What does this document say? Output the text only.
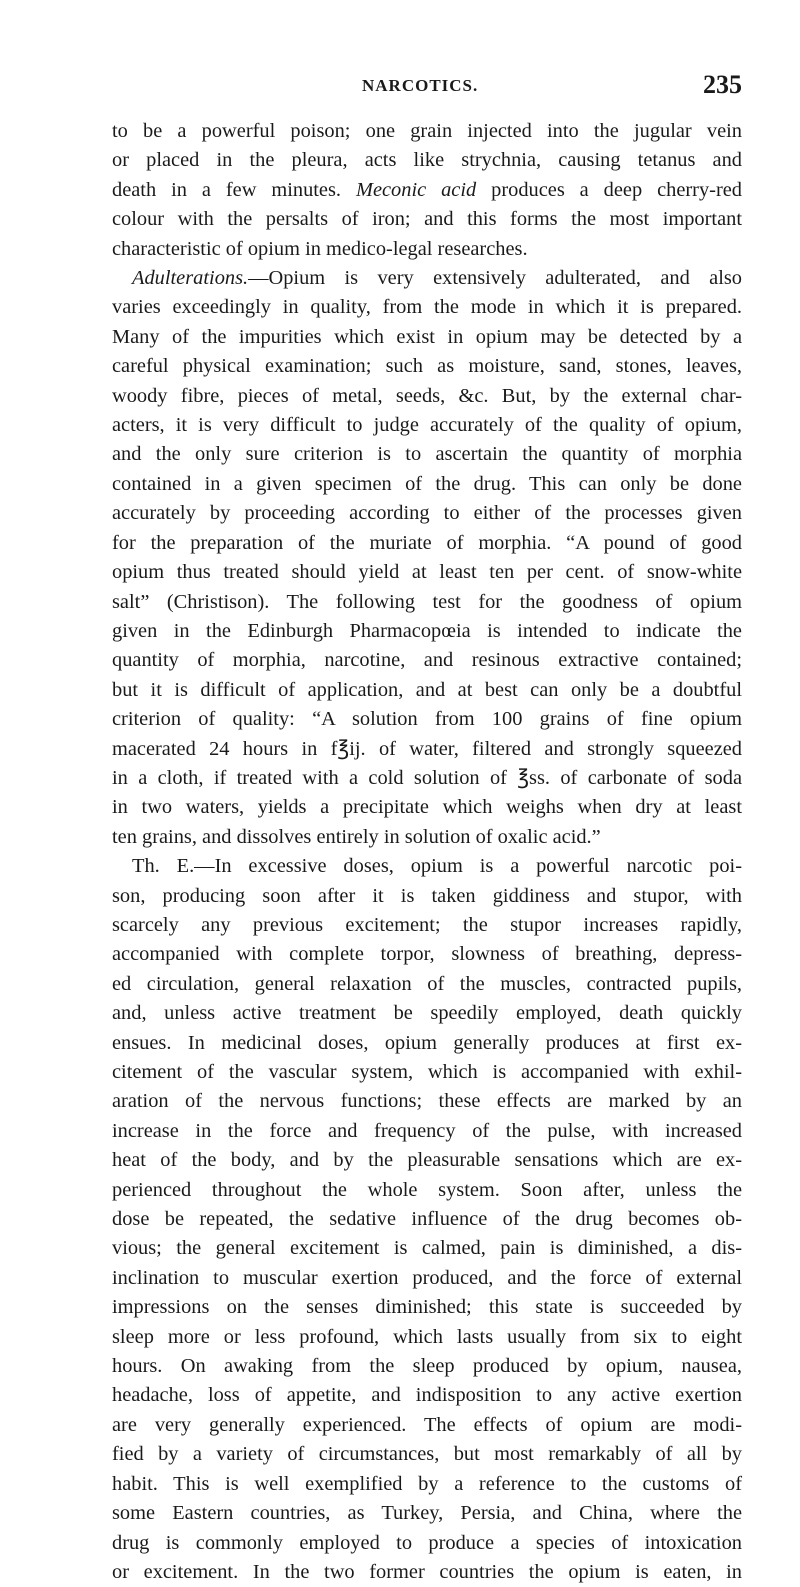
NARCOTICS.	235

to be a powerful poison; one grain injected into the jugular vein

or placed in the pleura, acts like strychnia, causing tetanus and

death in a few minutes. Meconic acid produces a deep cherry-red

colour with the persalts of iron; and this forms the most important

characteristic of opium in medico-legal researches.

Adulterations.—Opium is very extensively adulterated, and also

varies exceedingly in quality, from the mode in which it is prepared.

Many of the impurities which exist in opium may be detected by a

careful physical examination; such as moisture, sand, stones, leaves,

woody fibre, pieces of metal, seeds, &c. But, by the external char-

acters, it is very difficult to judge accurately of the quality of opium,

and the only sure criterion is to ascertain the quantity of morphia

contained in a given specimen of the drug. This can only be done

accurately by proceeding according to either of the processes given

for the preparation of the muriate of morphia. “A pound of good

opium thus treated should yield at least ten per cent. of snow-white

salt” (Christison). The following test for the goodness of opium

given in the Edinburgh Pharmacopœia is intended to indicate the

quantity of morphia, narcotine, and resinous extractive contained;

but it is difficult of application, and at best can only be a doubtful

criterion of quality: “A solution from 100 grains of fine opium

macerated 24 hours in f℥ij. of water, filtered and strongly squeezed

in a cloth, if treated with a cold solution of ℥ss. of carbonate of soda

in two waters, yields a precipitate which weighs when dry at least

ten grains, and dissolves entirely in solution of oxalic acid.”

Th. E.—In excessive doses, opium is a powerful narcotic poi-

son, producing soon after it is taken giddiness and stupor, with

scarcely any previous excitement; the stupor increases rapidly,

accompanied with complete torpor, slowness of breathing, depress-

ed circulation, general relaxation of the muscles, contracted pupils,

and, unless active treatment be speedily employed, death quickly

ensues. In medicinal doses, opium generally produces at first ex-

citement of the vascular system, which is accompanied with exhil-

aration of the nervous functions; these effects are marked by an

increase in the force and frequency of the pulse, with increased

heat of the body, and by the pleasurable sensations which are ex-

perienced throughout the whole system. Soon after, unless the

dose be repeated, the sedative influence of the drug becomes ob-

vious; the general excitement is calmed, pain is diminished, a dis-

inclination to muscular exertion produced, and the force of external

impressions on the senses diminished; this state is succeeded by

sleep more or less profound, which lasts usually from six to eight

hours. On awaking from the sleep produced by opium, nausea,

headache, loss of appetite, and indisposition to any active exertion

are very generally experienced. The effects of opium are modi-

fied by a variety of circumstances, but most remarkably of all by

habit. This is well exemplified by a reference to the customs of

some Eastern countries, as Turkey, Persia, and China, where the

drug is commonly employed to produce a species of intoxication

or excitement. In the two former countries the opium is eaten, in
